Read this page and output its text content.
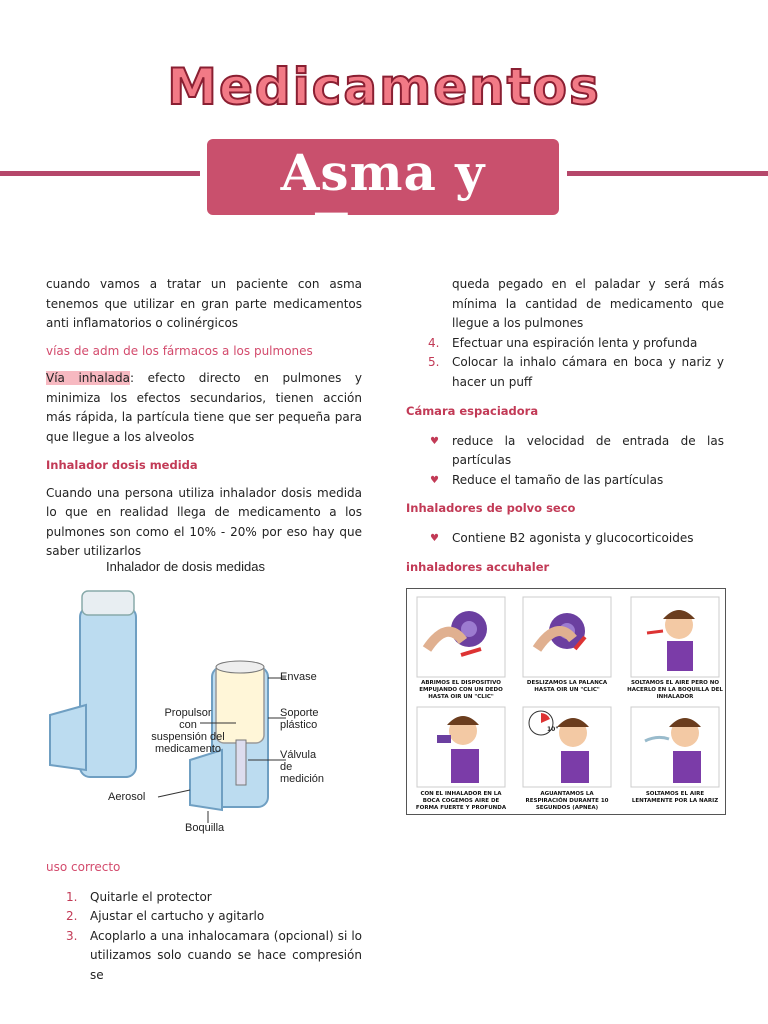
Medicamentos
Asma y Epoc

cuando vamos a tratar un paciente con asma tenemos que utilizar en gran parte medicamentos anti inflamatorios o colinérgicos

vías de adm de los fármacos a los pulmones

Vía inhalada: efecto directo en pulmones y minimiza los efectos secundarios, tienen acción más rápida, la partícula tiene que ser pequeña para que llegue a los alveolos

Inhalador dosis medida

Cuando una persona utiliza inhalador dosis medida lo que en realidad llega de medicamento a los pulmones son como el 10% - 20% por eso hay que saber utilizarlos

Inhalador de dosis medidas
Envase
Propulsor
con
suspensión del
medicamento
Soporte
plástico
Válvula
de
medición
Aerosol
Boquilla

uso correcto

1. Quitarle el protector
2. Ajustar el cartucho y agitarlo
3. Acoplarlo a una inhalocamara (opcional) si lo utilizamos solo cuando se hace compresión se

queda pegado en el paladar y será más mínima la cantidad de medicamento que llegue a los pulmones

4. Efectuar una espiración lenta y profunda
5. Colocar la inhalo cámara en boca y nariz y hacer un puff

Cámara espaciadora

♥ reduce la velocidad de entrada de las partículas
♥ Reduce el tamaño de las partículas

Inhaladores de polvo seco

♥ Contiene B2 agonista y glucocorticoides

inhaladores accuhaler

10"
ABRIMOS EL DISPOSITIVO EMPUJANDO CON UN DEDO HASTA OIR UN "CLIC"
DESLIZAMOS LA PALANCA HASTA OIR UN "CLIC"
SOLTAMOS EL AIRE PERO NO HACERLO EN LA BOQUILLA DEL INHALADOR
CON EL INHALADOR EN LA BOCA COGEMOS AIRE DE FORMA FUERTE Y PROFUNDA
AGUANTAMOS LA RESPIRACIÓN DURANTE 10 SEGUNDOS (APNEA)
SOLTAMOS EL AIRE LENTAMENTE POR LA NARIZ
